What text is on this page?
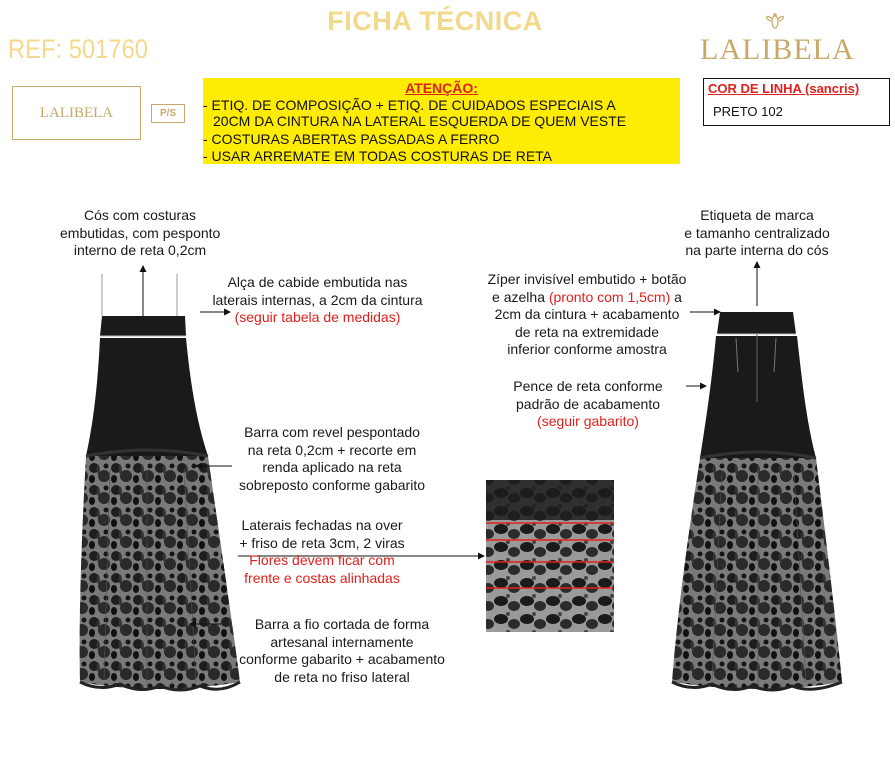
FICHA TÉCNICA
REF: 501760	LALIBELA
LALIBELA	P/S
ATENÇÃO:
- ETIQ. DE COMPOSIÇÃO + ETIQ. DE CUIDADOS ESPECIAIS A
20CM DA CINTURA NA LATERAL ESQUERDA DE QUEM VESTE
- COSTURAS ABERTAS PASSADAS A FERRO
- USAR ARREMATE EM TODAS COSTURAS DE RETA
COR DE LINHA (sancris)
PRETO 102
Cós com costuras
embutidas, com pesponto
interno de reta 0,2cm
Alça de cabide embutida nas
laterais internas, a 2cm da cintura
(seguir tabela de medidas)
Barra com revel pespontado
na reta 0,2cm + recorte em
renda aplicado na reta
sobreposto conforme gabarito
Laterais fechadas na over
+ friso de reta 3cm, 2 viras
Flores devem ficar com
frente e costas alinhadas
Barra a fio cortada de forma
artesanal internamente
conforme gabarito + acabamento
de reta no friso lateral
Etiqueta de marca
e tamanho centralizado
na parte interna do cós
Zíper invisível embutido + botão
e azelha (pronto com 1,5cm) a
2cm da cintura + acabamento
de reta na extremidade
inferior conforme amostra
Pence de reta conforme
padrão de acabamento
(seguir gabarito)
